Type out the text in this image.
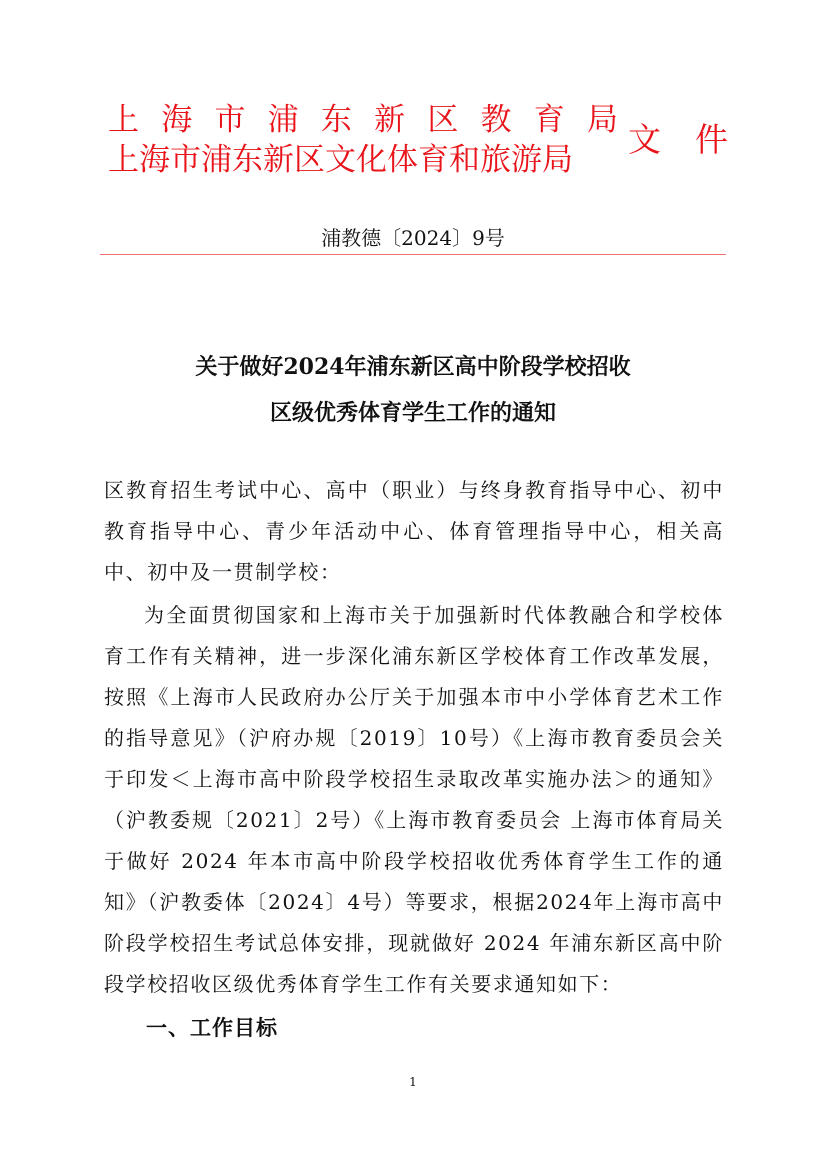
上 海 市 浦 东 新 区 教 育 局
上海市浦东新区文化体育和旅游局
文 件
浦教德〔2024〕9号
关于做好2024年浦东新区高中阶段学校招收
区级优秀体育学生工作的通知
区教育招生考试中心、高中（职业）与终身教育指导中心、初中教育指导中心、青少年活动中心、体育管理指导中心，相关高中、初中及一贯制学校：
为全面贯彻国家和上海市关于加强新时代体教融合和学校体育工作有关精神，进一步深化浦东新区学校体育工作改革发展，按照《上海市人民政府办公厅关于加强本市中小学体育艺术工作的指导意见》（沪府办规〔2019〕10号）《上海市教育委员会关于印发＜上海市高中阶段学校招生录取改革实施办法＞的通知》（沪教委规〔2021〕2号）《上海市教育委员会 上海市体育局关于做好 2024 年本市高中阶段学校招收优秀体育学生工作的通知》（沪教委体〔2024〕4号）等要求，根据2024年上海市高中阶段学校招生考试总体安排，现就做好 2024 年浦东新区高中阶段学校招收区级优秀体育学生工作有关要求通知如下：
一、工作目标
1
